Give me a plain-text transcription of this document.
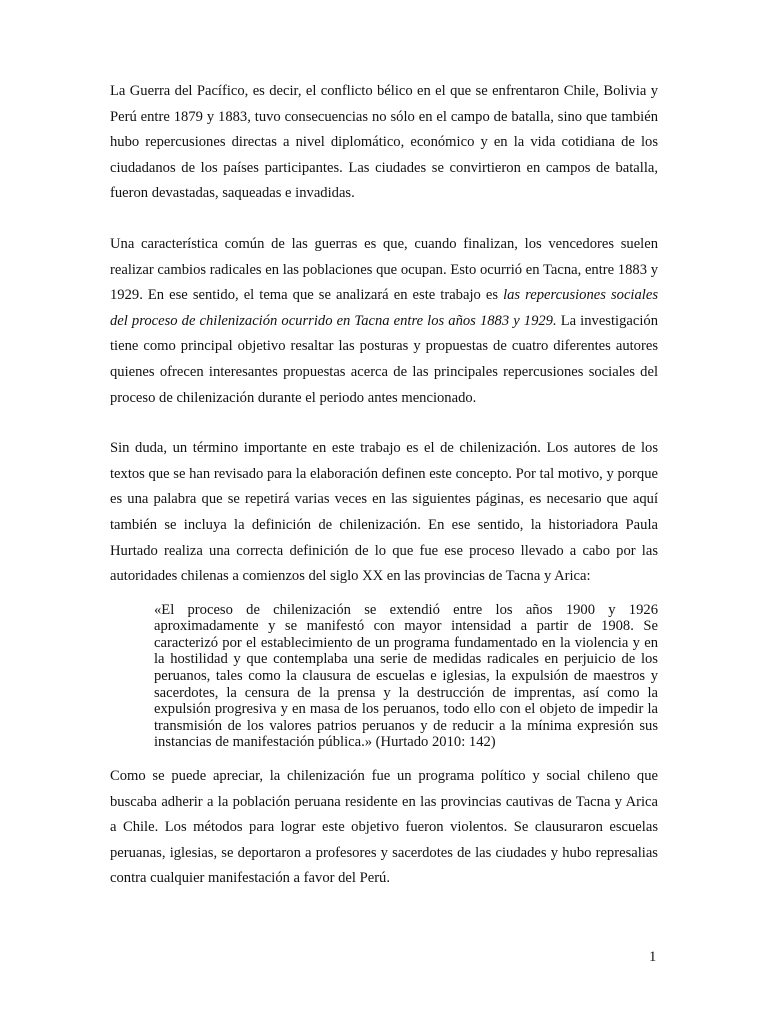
La Guerra del Pacífico, es decir, el conflicto bélico en el que se enfrentaron Chile, Bolivia y Perú entre 1879 y 1883, tuvo consecuencias no sólo en el campo de batalla, sino que también hubo repercusiones directas a nivel diplomático, económico y en la vida cotidiana de los ciudadanos de los países participantes. Las ciudades se convirtieron en campos de batalla, fueron devastadas, saqueadas e invadidas.

Una característica común de las guerras es que, cuando finalizan, los vencedores suelen realizar cambios radicales en las poblaciones que ocupan. Esto ocurrió en Tacna, entre 1883 y 1929. En ese sentido, el tema que se analizará en este trabajo es las repercusiones sociales del proceso de chilenización ocurrido en Tacna entre los años 1883 y 1929. La investigación tiene como principal objetivo resaltar las posturas y propuestas de cuatro diferentes autores quienes ofrecen interesantes propuestas acerca de las principales repercusiones sociales del proceso de chilenización durante el periodo antes mencionado.

Sin duda, un término importante en este trabajo es el de chilenización. Los autores de los textos que se han revisado para la elaboración definen este concepto. Por tal motivo, y porque es una palabra que se repetirá varias veces en las siguientes páginas, es necesario que aquí también se incluya la definición de chilenización. En ese sentido, la historiadora Paula Hurtado realiza una correcta definición de lo que fue ese proceso llevado a cabo por las autoridades chilenas a comienzos del siglo XX en las provincias de Tacna y Arica:

«El proceso de chilenización se extendió entre los años 1900 y 1926 aproximadamente y se manifestó con mayor intensidad a partir de 1908. Se caracterizó por el establecimiento de un programa fundamentado en la violencia y en la hostilidad y que contemplaba una serie de medidas radicales en perjuicio de los peruanos, tales como la clausura de escuelas e iglesias, la expulsión de maestros y sacerdotes, la censura de la prensa y la destrucción de imprentas, así como la expulsión progresiva y en masa de los peruanos, todo ello con el objeto de impedir la transmisión de los valores patrios peruanos y de reducir a la mínima expresión sus instancias de manifestación pública.» (Hurtado 2010: 142)

Como se puede apreciar, la chilenización fue un programa político y social chileno que buscaba adherir a la población peruana residente en las provincias cautivas de Tacna y Arica a Chile. Los métodos para lograr este objetivo fueron violentos. Se clausuraron escuelas peruanas, iglesias, se deportaron a profesores y sacerdotes de las ciudades y hubo represalias contra cualquier manifestación a favor del Perú.

1
